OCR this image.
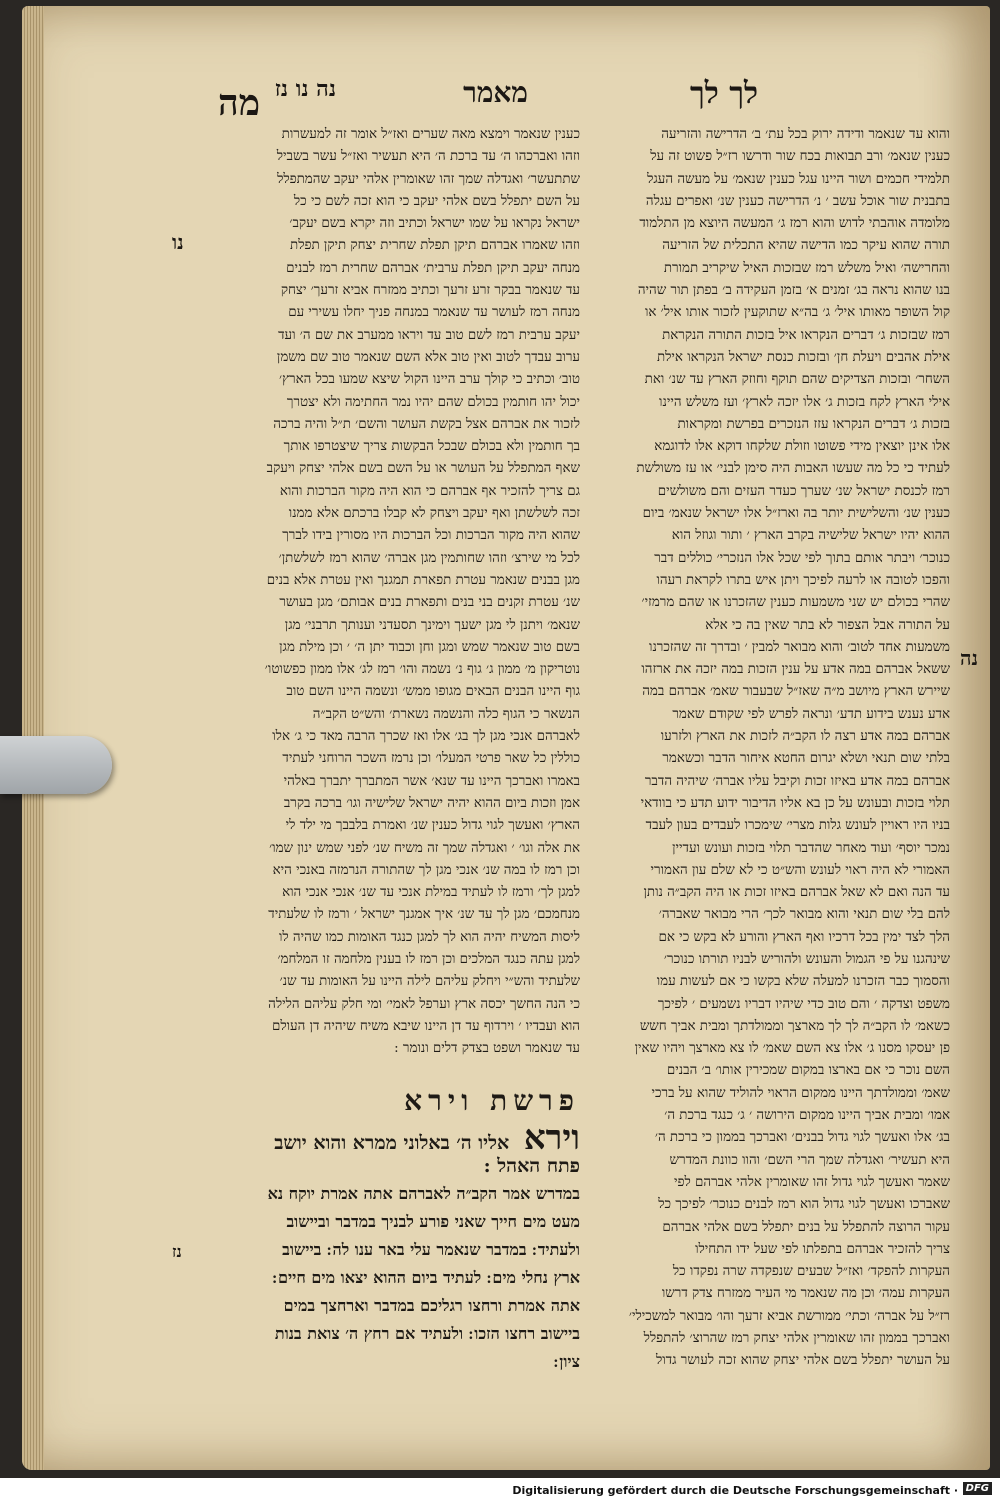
לך לך
מאמר
נה נו נז
מה
והוא עד שנאמר ודידה ירוק בכל עת׳ ב׳ הדרישה והזריעה
כענין שנאמ׳ ורב תבואות בכח שור ודרשו רז״ל פשוט זה על
תלמידי חכמים ושור היינו עגל כענין שנאמ׳ על מעשה העגל
בתבנית שור אוכל עשב ׳ נ׳ הדרישה כענין שנ׳ ואפרים עגלה
מלומדה אוהבתי לדוש והוא רמז ג׳ המעשה היוצא מן התלמוד
תורה שהוא עיקר כמו הדישה שהיא התכלית של הזריעה
והחרישה׳ ואיל משלש רמז שבזכות האיל שיקריב תמורת
בנו שהוא נראה בג׳ זמנים א׳ בזמן העקידה ב׳ בפתן תור שהיה
קול השופר מאותו איל׳ ג׳ בה״א שתוקעין לזכור אותו איל׳ או
רמז שבזכות ג׳ דברים הנקראו איל בזכות התורה הנקראת
אילת אהבים ויעלת חן׳ ובזכות כנסת ישראל הנקראו אילת
השחר׳ ובזכות הצדיקים שהם תוקף וחוזק הארץ עד שנ׳ ואת
אילי הארץ לקח בזכות ג׳ אלו יזכה לארץ׳ ועז משלש היינו
בזכות ג׳ דברים הנקראו עזז הנזכרים בפרשת ומקראות
אלו אינן יוצאין מידי פשוטו וזולת שלקחו דוקא אלו לדוגמא
לעתיד כי כל מה שעשו האבות היה סימן לבני׳ או עז משולשת
רמז לכנסת ישראל שנ׳ שערך כעדר העזים והם משולשים
כענין שנ׳ והשלישית יותר בה וארז״ל אלו ישראל שנאמ׳ ביום
ההוא יהיו ישראל שלישיה בקרב הארץ ׳ ותור וגוזל הוא
כנוכר׳ ויבתר אותם בתוך לפי שכל אלו הנזכרי׳ כוללים דבר
והפכו לטובה או לרעה לפיכך ויתן איש בתרו לקראת רעהו
שהרי בכולם יש שני משמעות כענין שהזכרנו או שהם מרמזי׳
על התורה אבל הצפור לא בתר שאין בה כי אלא
משמעות אחד לטוב׳ והוא מבואר למבין ׳ ובדרך זה שהזכרנו
ששאל אברהם במה אדע על ענין הזכות במה יזכה את ארזהו
שיירש הארץ מיושב מ״ה שאז״ל שבעבור שאמ׳ אברהם במה
אדע נענש בידוע תדע׳ ונראה לפרש לפי שקודם שאמר
אברהם במה אדע רצה לו הקב״ה לזכות את הארץ ולזרעו
בלתי שום תנאי ושלא יגרום החטא איחור הדבר וכשאמר
אברהם במה אדע באיזו זכות וקיבל עליו אברה׳ שיהיה הדבר
תלוי בזכות ובעונש על כן בא אליו הדיבור ידוע תדע כי בוודאי
בניו היו ראויין לעונש גלות מצרי׳ שימכרו לעבדים בעון לעבד
נמכר יוסף׳ ועוד מאחר שהדבר תלוי בזכות ועונש ועדיין
האמורי לא היה ראוי לעונש והש״ט כי לא שלם עון האמורי
עד הנה ואם לא שאל אברהם באיזו זכות או היה הקב״ה נותן
להם בלי שום תנאי והוא מבואר לכך׳ הרי מבואר שאברה׳
הלך לצד ימין בכל דרכיו ואף הארץ והורע לא בקש כי אם
שינהגנו על פי הגמול והעונש ולהוריש לבניו תורתו כנוכר׳
והסמוך כבר הזכרנו למעלה שלא בקשו כי אם לעשות עמו
משפט וצדקה ׳ והם טוב כדי שיהיו דבריו נשמעים ׳ לפיכך
כשאמ׳ לו הקב״ה לך לך מארצך וממולדתך ומבית אביך חשש
פן יעסקו מסנו ג׳ אלו צא השם שאמ׳ לו צא מארצך ויהיו שאין
השם נוכר כי אם בארצו במקום שמכירין אותו׳ ב׳ הבנים
שאמ׳ וממולדתך היינו ממקום הראוי להוליד שהוא על ברכי
אמו׳ ומבית אביך היינו ממקום הירושה ׳ ג׳ כנגד ברכת ה׳
בג׳ אלו ואעשך לגוי גדול בבנים׳ ואברכך בממון כי ברכת ה׳
היא תעשיר׳ ואגדלה שמך הרי השם׳ והוו כוונת המדרש
שאמר ואעשך לגוי גדול זהו שאומרין אלהי אברהם לפי
שאברכו ואעשך לגוי גדול הוא רמז לבנים כנוכר׳ לפיכך כל
עקור הרוצה להתפלל על בנים יתפלל בשם אלהי אברהם
צריך להזכיר אברהם בתפלתו לפי שעל ידו התחילו
העקרות להפקד׳ ואז״ל שבעים שנפקדה שרה נפקדו כל
העקרות עמה׳ וכן מה שנאמר מי העיר ממזרח צדק דרשו
רז״ל על אברה׳ וכתי׳ ממורשת אביא זרעך והו׳ מבואר למשכילי׳
ואברכך בממון זהו שאומרין אלהי יצחק רמז שהרוצ׳ להתפלל
על העושר יתפלל בשם אלהי יצחק שהוא זכה לעושר גדול
כענין שנאמר וימצא מאה שערים ואז״ל אומר זה למעשרות
וזהו ואברכהו ה׳ עד ברכת ה׳ היא תעשיר ואז״ל עשר בשביל
שתתעשר׳ ואגדלה שמך זהו שאומרין אלהי יעקב שהמתפלל
על השם יתפלל בשם אלהי יעקב כי הוא זכה לשם כי כל
ישראל נקראו על שמו ישראל וכתיב וזה יקרא בשם יעקב׳
וזהו שאמרו אברהם תיקן תפלת שחרית יצחק תיקן תפלת
מנחה יעקב תיקן תפלת ערבית׳ אברהם שחרית רמז לבנים
עד שנאמר בבקר זרע זרעך וכתיב ממזרח אביא זרעך׳ יצחק
מנחה רמז לעושר עד שנאמר במנחה פניך יחלו עשירי עם
יעקב ערבית רמז לשם טוב עד ויראו ממערב את שם ה׳ ועד
ערוב עבדך לטוב ואין טוב אלא השם שנאמר טוב שם משמן
טוב׳ וכתיב כי קולך ערב היינו הקול שיצא שמעו בכל הארץ׳
יכול יהו חותמין בכולם שהם יהיו נמר החתימה ולא יצטרך
לזכור את אברהם אצל בקשת העושר והשם׳ ת״ל והיה ברכה
בך חותמין ולא בכולם שבכל הבקשות צריך שיצטרפו אותך
שאף המתפלל על העושר או על השם בשם אלהי יצחק ויעקב
גם צריך להזכיר אף אברהם כי הוא היה מקור הברכות והוא
זכה לשלשתן ואף יעקב ויצחק לא קבלו ברכתם אלא ממנו
שהוא היה מקור הברכות וכל הברכות היו מסורין בידו לברך
לכל מי שירצ׳ וזהו שחותמין מגן אברה׳ שהוא רמז לשלשתן׳
מגן בבנים שנאמר עטרת תפארת תמגנך ואין עטרת אלא בנים
שנ׳ עטרת זקנים בני בנים ותפארת בנים אבותם׳ מגן בעושר
שנאמ׳ ויתנן לי מגן ישעך וימינך תסעדני וענותך תרבני׳ מגן
בשם טוב שנאמר שמש ומגן וחן וכבוד יתן ה׳ ׳ וכן מילת מגן
נוטריקון מ׳ ממון ג׳ גוף נ׳ נשמה והו׳ רמז לג׳ אלו ממון כפשוטו׳
גוף היינו הבנים הבאים מגופו ממש׳ ונשמה היינו השם טוב
הנשאר כי הגוף כלה והנשמה נשארת׳ והש״ט הקב״ה
לאברהם אנכי מגן לך בג׳ אלו ואז שכרך הרבה מאד כי ג׳ אלו
כוללין כל שאר פרטי המעלו׳ וכן נרמז השכר הרוחני לעתיד
באמרו ואברכך היינו עד שנא׳ אשר המתברך יתברך באלהי
אמן וזכות ביום ההוא יהיה ישראל שלישיה וגו׳ ברכה בקרב
הארץ׳ ואעשך לגוי גדול כענין שנ׳ ואמרת בלבבך מי ילד לי
את אלה וגו׳ ׳ ואגדלה שמך זה משיח שנ׳ לפני שמש ינון שמו׳
וכן רמז לו במה שנ׳ אנכי מגן לך שהתורה הנרמזה באנכי היא
למגן לך׳ ורמז לו לעתיד במילת אנכי עד שנ׳ אנכי אנכי הוא
מנחמכם׳ מגן לך עד שנ׳ איך אמגנך ישראל ׳ ורמז לו שלעתיד
ליסות המשיח יהיה הוא לך למגן כנגד האומות כמו שהיה לו
למגן עתה כנגד המלכים וכן רמז לו בענין מלחמה זו המלחמ׳
שלעתיד והש״י ויחלק עליהם לילה היינו על האומות עד שנ׳
כי הנה החשך יכסה ארץ וערפל לאמי׳ ומי חלק עליהם הלילה
הוא ועבדיו ׳ וירדוף עד דן היינו שיבא משיח שיהיה דן העולם
עד שנאמר ושפט בצדק דלים ונומר :
פרשת וירא
וירא אליו ה׳ באלוני ממרא והוא יושב
פתח האהל :
במדרש אמר הקב״ה לאברהם אתה אמרת יוקח נא
מעט מים חייך שאני פורע לבניך במדבר וביישוב
ולעתיד ׃ במדבר שנאמר עלי באר ענו לה ׃ ביישוב
ארץ נחלי מים ׃ לעתיד ביום ההוא יצאו מים חיים ׃
אתה אמרת ורחצו רגליכם במדבר וארחצך במים
ביישוב רחצו הזכו ׃ ולעתיד אם רחץ ה׳ צואת בנות
ציון ׃
נו
נה
נז
Digitalisierung gefördert durch die Deutsche Forschungsgemeinschaft · DFG
